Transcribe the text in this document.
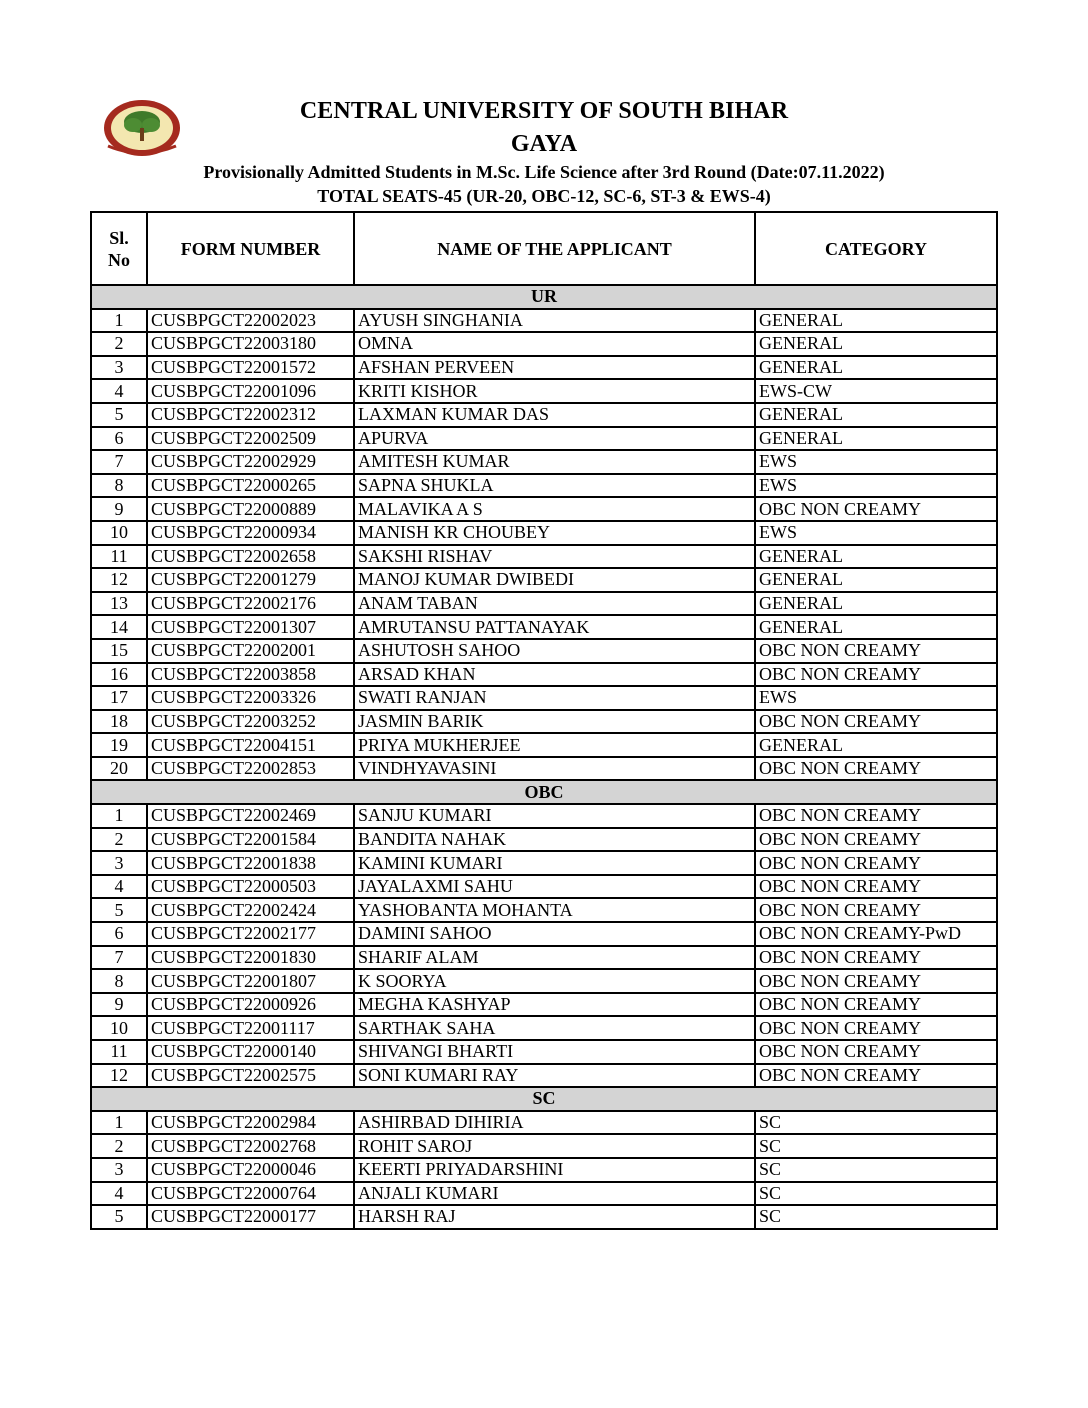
CENTRAL UNIVERSITY OF SOUTH BIHAR
GAYA
Provisionally Admitted Students in M.Sc. Life Science after 3rd Round (Date:07.11.2022)
TOTAL SEATS-45 (UR-20, OBC-12, SC-6, ST-3 & EWS-4)
Sl.
No	FORM NUMBER	NAME OF THE APPLICANT	CATEGORY
UR			
1	CUSBPGCT22002023	AYUSH SINGHANIA	GENERAL
2	CUSBPGCT22003180	OMNA	GENERAL
3	CUSBPGCT22001572	AFSHAN PERVEEN	GENERAL
4	CUSBPGCT22001096	KRITI KISHOR	EWS-CW
5	CUSBPGCT22002312	LAXMAN KUMAR DAS	GENERAL
6	CUSBPGCT22002509	APURVA	GENERAL
7	CUSBPGCT22002929	AMITESH KUMAR	EWS
8	CUSBPGCT22000265	SAPNA SHUKLA	EWS
9	CUSBPGCT22000889	MALAVIKA A S	OBC NON CREAMY
10	CUSBPGCT22000934	MANISH KR CHOUBEY	EWS
11	CUSBPGCT22002658	SAKSHI RISHAV	GENERAL
12	CUSBPGCT22001279	MANOJ KUMAR DWIBEDI	GENERAL
13	CUSBPGCT22002176	ANAM TABAN	GENERAL
14	CUSBPGCT22001307	AMRUTANSU PATTANAYAK	GENERAL
15	CUSBPGCT22002001	ASHUTOSH SAHOO	OBC NON CREAMY
16	CUSBPGCT22003858	ARSAD KHAN	OBC NON CREAMY
17	CUSBPGCT22003326	SWATI RANJAN	EWS
18	CUSBPGCT22003252	JASMIN BARIK	OBC NON CREAMY
19	CUSBPGCT22004151	PRIYA MUKHERJEE	GENERAL
20	CUSBPGCT22002853	VINDHYAVASINI	OBC NON CREAMY
OBC			
1	CUSBPGCT22002469	SANJU KUMARI	OBC NON CREAMY
2	CUSBPGCT22001584	BANDITA NAHAK	OBC NON CREAMY
3	CUSBPGCT22001838	KAMINI KUMARI	OBC NON CREAMY
4	CUSBPGCT22000503	JAYALAXMI SAHU	OBC NON CREAMY
5	CUSBPGCT22002424	YASHOBANTA MOHANTA	OBC NON CREAMY
6	CUSBPGCT22002177	DAMINI SAHOO	OBC NON CREAMY-PwD
7	CUSBPGCT22001830	SHARIF ALAM	OBC NON CREAMY
8	CUSBPGCT22001807	K SOORYA	OBC NON CREAMY
9	CUSBPGCT22000926	MEGHA KASHYAP	OBC NON CREAMY
10	CUSBPGCT22001117	SARTHAK SAHA	OBC NON CREAMY
11	CUSBPGCT22000140	SHIVANGI BHARTI	OBC NON CREAMY
12	CUSBPGCT22002575	SONI KUMARI RAY	OBC NON CREAMY
SC			
1	CUSBPGCT22002984	ASHIRBAD DIHIRIA	SC
2	CUSBPGCT22002768	ROHIT SAROJ	SC
3	CUSBPGCT22000046	KEERTI PRIYADARSHINI	SC
4	CUSBPGCT22000764	ANJALI KUMARI	SC
5	CUSBPGCT22000177	HARSH RAJ	SC
